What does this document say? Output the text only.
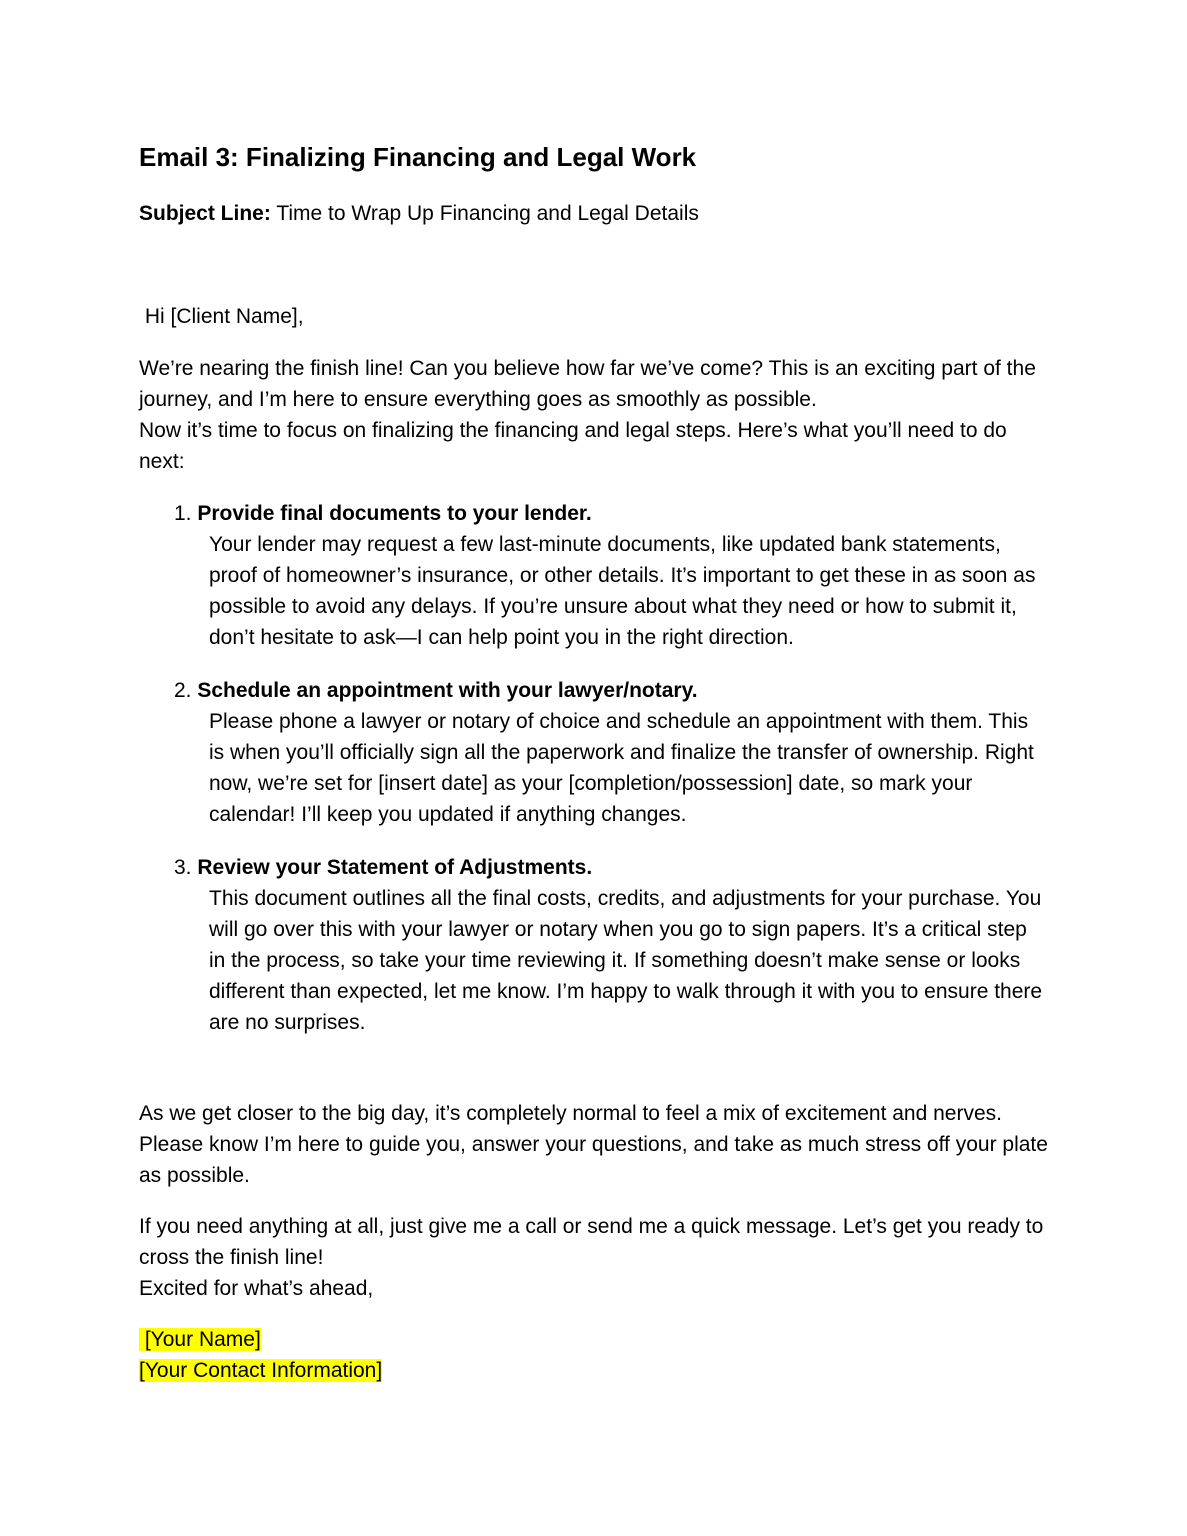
Email 3: Finalizing Financing and Legal Work

Subject Line: Time to Wrap Up Financing and Legal Details

Hi [Client Name],

We’re nearing the finish line! Can you believe how far we’ve come? This is an exciting part of the journey, and I’m here to ensure everything goes as smoothly as possible.
Now it’s time to focus on finalizing the financing and legal steps. Here’s what you’ll need to do next:
1. Provide final documents to your lender.
Your lender may request a few last-minute documents, like updated bank statements, proof of homeowner’s insurance, or other details. It’s important to get these in as soon as possible to avoid any delays. If you’re unsure about what they need or how to submit it, don’t hesitate to ask—I can help point you in the right direction.
2. Schedule an appointment with your lawyer/notary.
Please phone a lawyer or notary of choice and schedule an appointment with them. This is when you’ll officially sign all the paperwork and finalize the transfer of ownership. Right now, we’re set for [insert date] as your [completion/possession] date, so mark your calendar! I’ll keep you updated if anything changes.
3. Review your Statement of Adjustments.
This document outlines all the final costs, credits, and adjustments for your purchase. You will go over this with your lawyer or notary when you go to sign papers. It’s a critical step in the process, so take your time reviewing it. If something doesn’t make sense or looks different than expected, let me know. I’m happy to walk through it with you to ensure there are no surprises.

As we get closer to the big day, it’s completely normal to feel a mix of excitement and nerves. Please know I’m here to guide you, answer your questions, and take as much stress off your plate as possible.

If you need anything at all, just give me a call or send me a quick message. Let’s get you ready to cross the finish line!
Excited for what’s ahead,
[Your Name]
[Your Contact Information]
